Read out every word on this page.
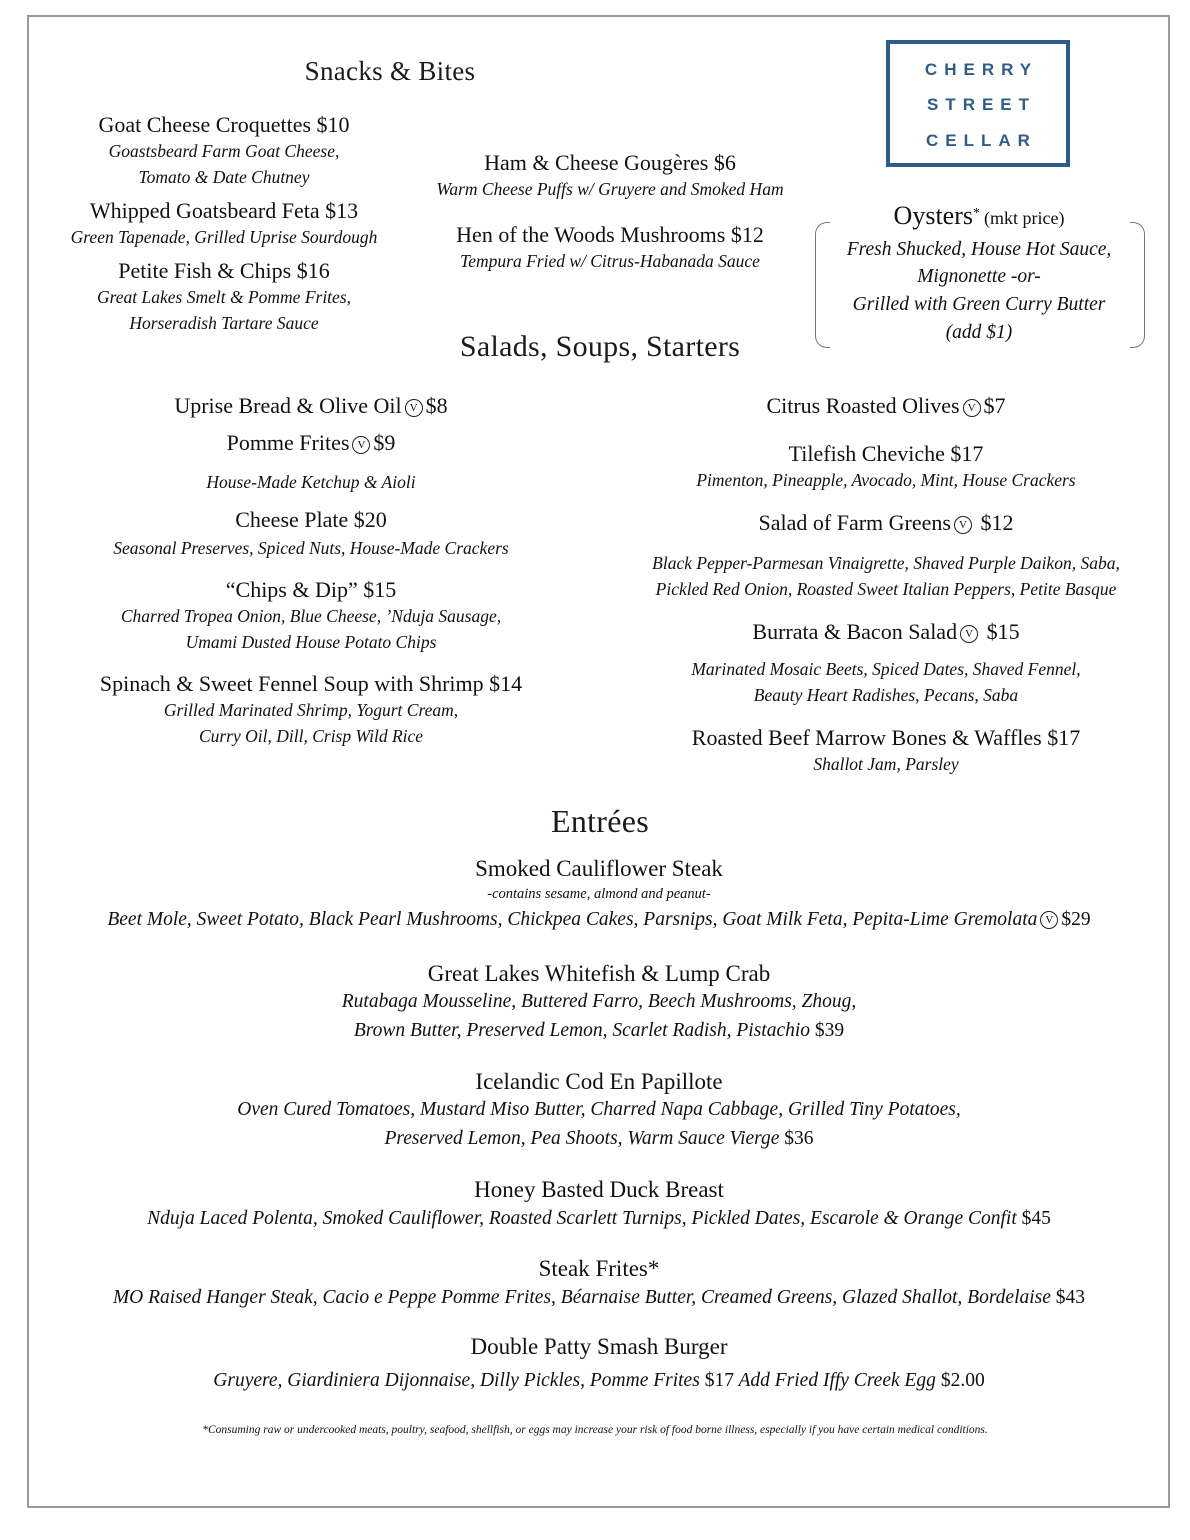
CHERRY
STREET
CELLAR
Snacks & Bites
Goat Cheese Croquettes $10
Goastsbeard Farm Goat Cheese,
Tomato & Date Chutney
Whipped Goatsbeard Feta $13
Green Tapenade, Grilled Uprise Sourdough
Petite Fish & Chips $16
Great Lakes Smelt & Pomme Frites,
Horseradish Tartare Sauce
Ham & Cheese Gougères $6
Warm Cheese Puffs w/ Gruyere and Smoked Ham
Hen of the Woods Mushrooms $12
Tempura Fried w/ Citrus-Habanada Sauce
Oysters* (mkt price)
Fresh Shucked, House Hot Sauce,
Mignonette -or-
Grilled with Green Curry Butter
(add $1)
Salads, Soups, Starters
Uprise Bread & Olive Oil V $8
Pomme Frites V $9
House-Made Ketchup & Aioli
Cheese Plate $20
Seasonal Preserves, Spiced Nuts, House-Made Crackers
“Chips & Dip” $15
Charred Tropea Onion, Blue Cheese, ’Nduja Sausage,
Umami Dusted House Potato Chips
Spinach & Sweet Fennel Soup with Shrimp $14
Grilled Marinated Shrimp, Yogurt Cream,
Curry Oil, Dill, Crisp Wild Rice
Citrus Roasted Olives V $7
Tilefish Cheviche $17
Pimenton, Pineapple, Avocado, Mint, House Crackers
Salad of Farm Greens V $12
Black Pepper-Parmesan Vinaigrette, Shaved Purple Daikon, Saba,
Pickled Red Onion, Roasted Sweet Italian Peppers, Petite Basque
Burrata & Bacon Salad V $15
Marinated Mosaic Beets, Spiced Dates, Shaved Fennel,
Beauty Heart Radishes, Pecans, Saba
Roasted Beef Marrow Bones & Waffles $17
Shallot Jam, Parsley
Entrées
Smoked Cauliflower Steak
-contains sesame, almond and peanut-
Beet Mole, Sweet Potato, Black Pearl Mushrooms, Chickpea Cakes, Parsnips, Goat Milk Feta, Pepita-Lime Gremolata V $29
Great Lakes Whitefish & Lump Crab
Rutabaga Mousseline, Buttered Farro, Beech Mushrooms, Zhoug,
Brown Butter, Preserved Lemon, Scarlet Radish, Pistachio $39
Icelandic Cod En Papillote
Oven Cured Tomatoes, Mustard Miso Butter, Charred Napa Cabbage, Grilled Tiny Potatoes,
Preserved Lemon, Pea Shoots, Warm Sauce Vierge $36
Honey Basted Duck Breast
Nduja Laced Polenta, Smoked Cauliflower, Roasted Scarlett Turnips, Pickled Dates, Escarole & Orange Confit $45
Steak Frites*
MO Raised Hanger Steak, Cacio e Peppe Pomme Frites, Béarnaise Butter, Creamed Greens, Glazed Shallot, Bordelaise $43
Double Patty Smash Burger
Gruyere, Giardiniera Dijonnaise, Dilly Pickles, Pomme Frites $17 Add Fried Iffy Creek Egg $2.00
*Consuming raw or undercooked meats, poultry, seafood, shellfish, or eggs may increase your risk of food borne illness, especially if you have certain medical conditions.
